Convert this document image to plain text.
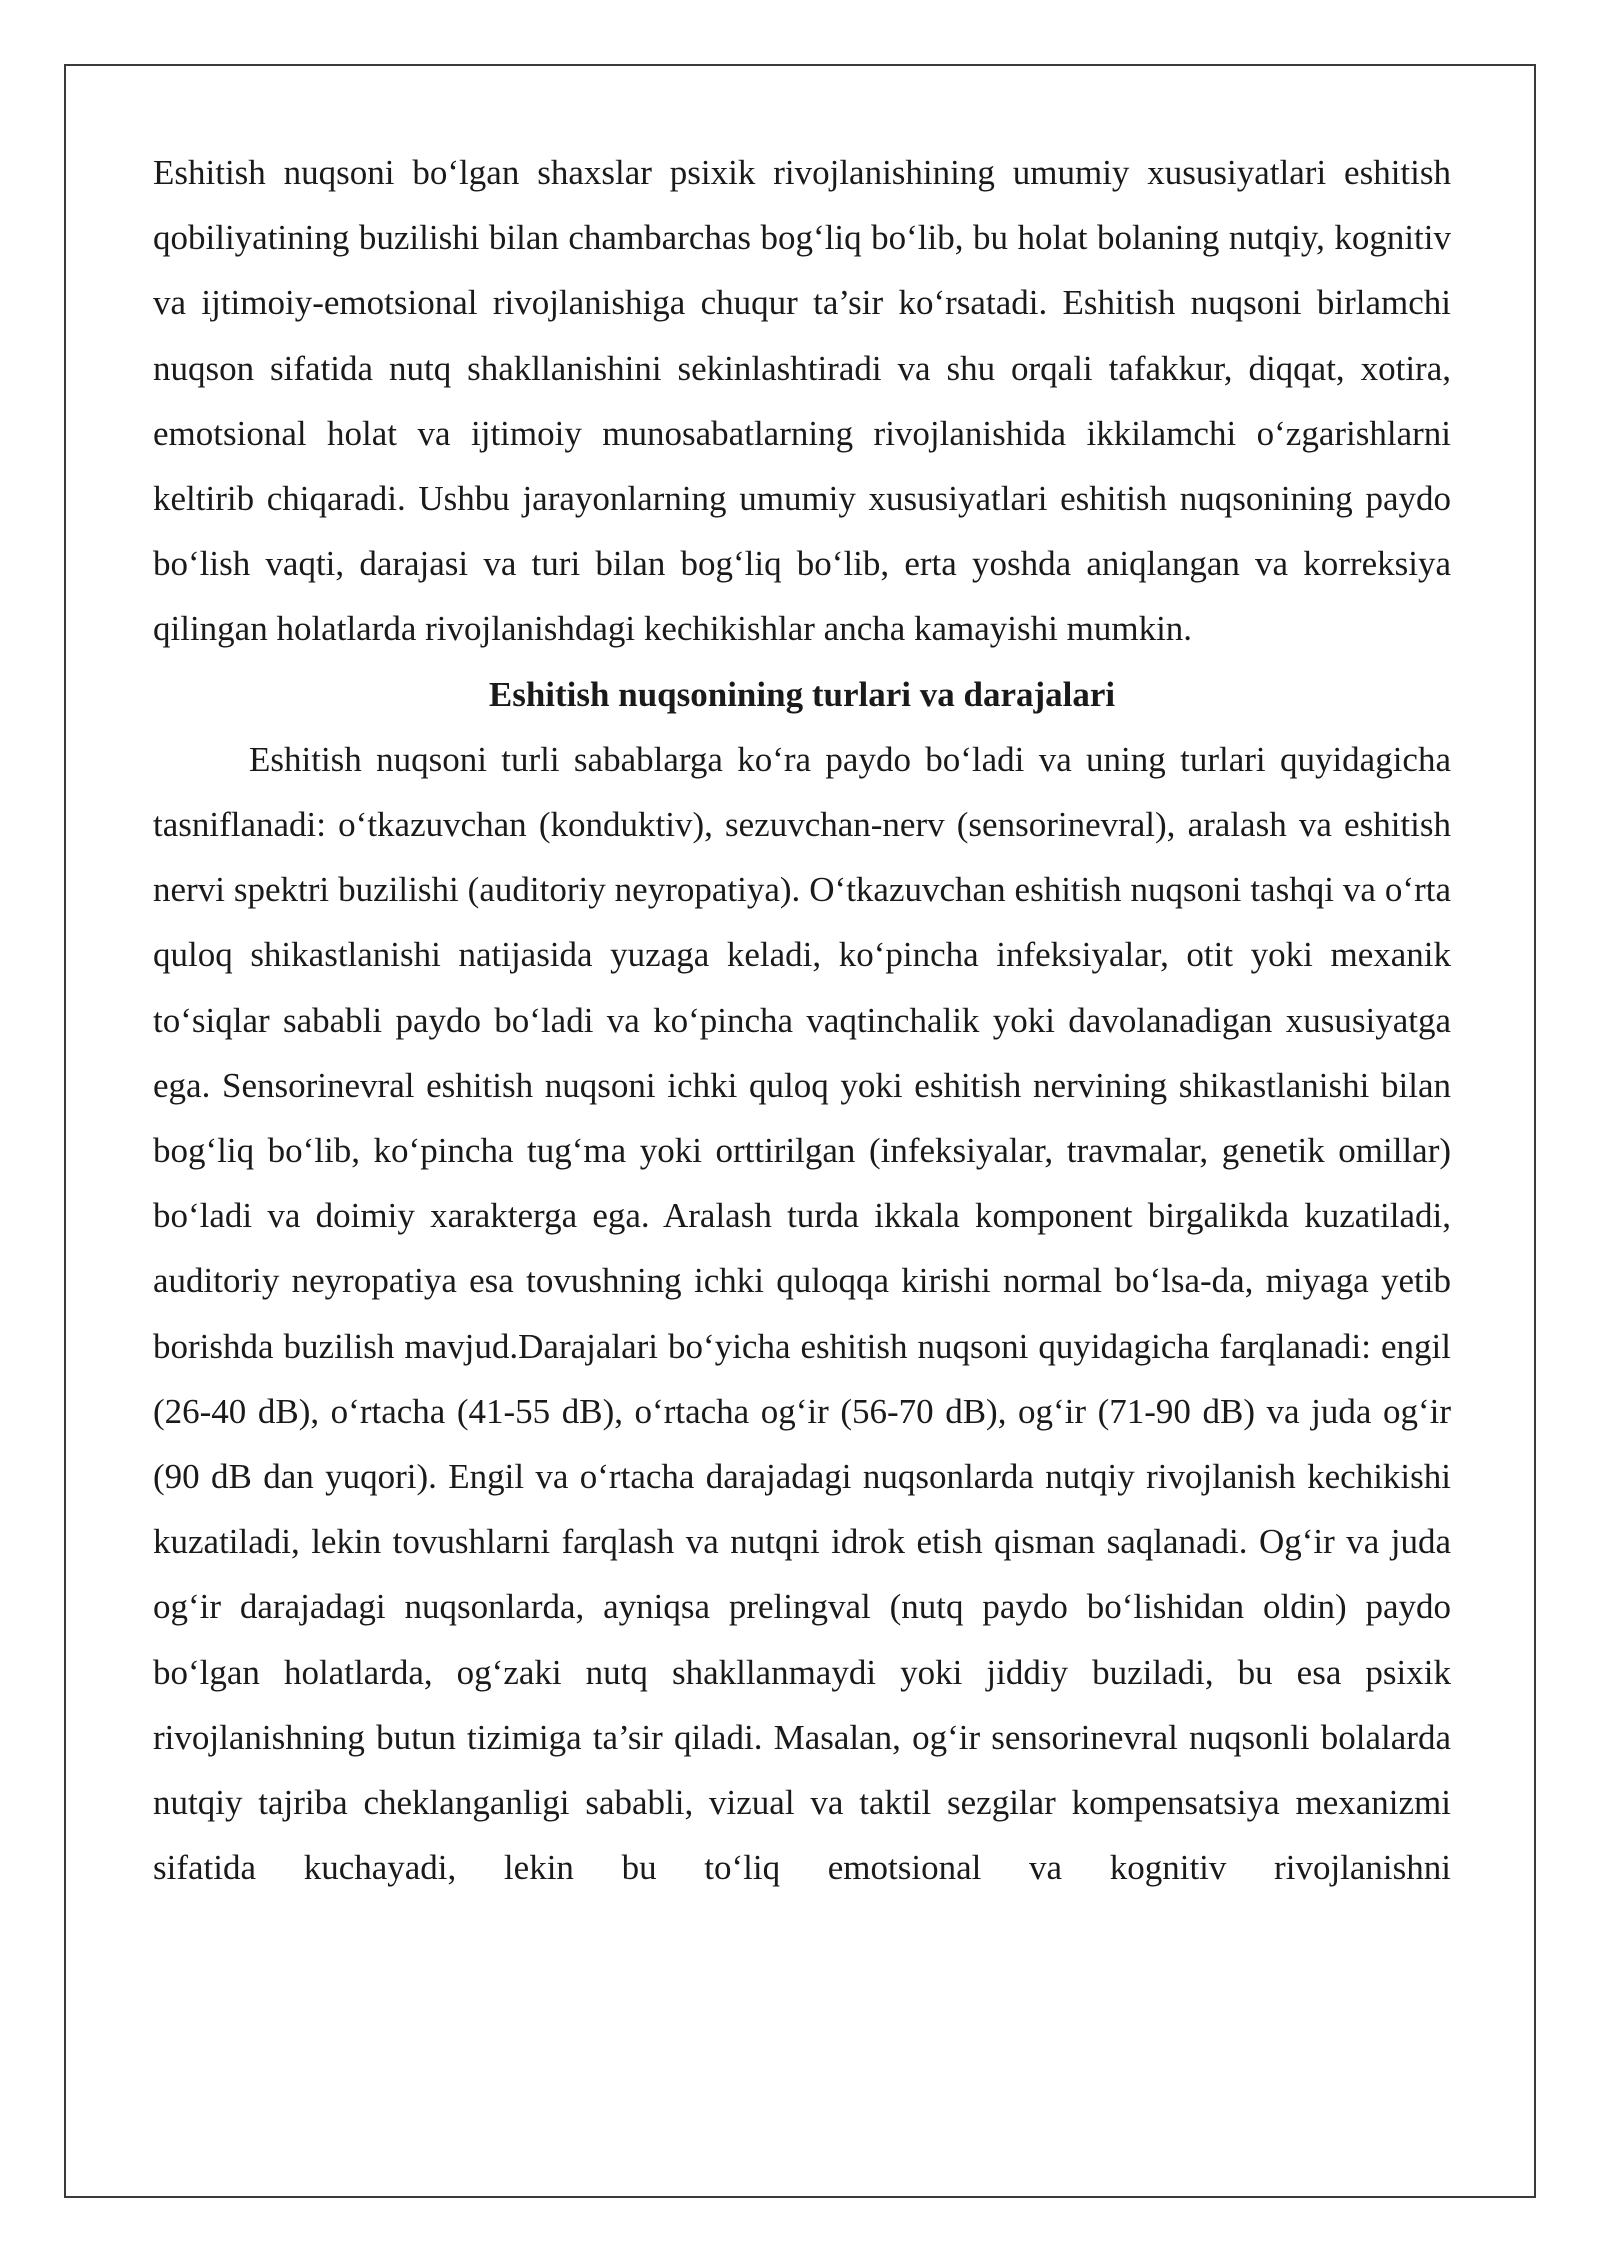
Eshitish nuqsoni bo‘lgan shaxslar psixik rivojlanishining umumiy xususiyatlari eshitish qobiliyatining buzilishi bilan chambarchas bog‘liq bo‘lib, bu holat bolaning nutqiy, kognitiv va ijtimoiy-emotsional rivojlanishiga chuqur ta’sir ko‘rsatadi. Eshitish nuqsoni birlamchi nuqson sifatida nutq shakllanishini sekinlashtiradi va shu orqali tafakkur, diqqat, xotira, emotsional holat va ijtimoiy munosabatlarning rivojlanishida ikkilamchi o‘zgarishlarni keltirib chiqaradi. Ushbu jarayonlarning umumiy xususiyatlari eshitish nuqsonining paydo bo‘lish vaqti, darajasi va turi bilan bog‘liq bo‘lib, erta yoshda aniqlangan va korreksiya qilingan holatlarda rivojlanishdagi kechikishlar ancha kamayishi mumkin.

Eshitish nuqsonining turlari va darajalari

Eshitish nuqsoni turli sabablarga ko‘ra paydo bo‘ladi va uning turlari quyidagicha tasniflanadi: o‘tkazuvchan (konduktiv), sezuvchan-nerv (sensorinevral), aralash va eshitish nervi spektri buzilishi (auditoriy neyropatiya). O‘tkazuvchan eshitish nuqsoni tashqi va o‘rta quloq shikastlanishi natijasida yuzaga keladi, ko‘pincha infeksiyalar, otit yoki mexanik to‘siqlar sababli paydo bo‘ladi va ko‘pincha vaqtinchalik yoki davolanadigan xususiyatga ega. Sensorinevral eshitish nuqsoni ichki quloq yoki eshitish nervining shikastlanishi bilan bog‘liq bo‘lib, ko‘pincha tug‘ma yoki orttirilgan (infeksiyalar, travmalar, genetik omillar) bo‘ladi va doimiy xarakterga ega. Aralash turda ikkala komponent birgalikda kuzatiladi, auditoriy neyropatiya esa tovushning ichki quloqqa kirishi normal bo‘lsa-da, miyaga yetib borishda buzilish mavjud.Darajalari bo‘yicha eshitish nuqsoni quyidagicha farqlanadi: engil (26-40 dB), o‘rtacha (41-55 dB), o‘rtacha og‘ir (56-70 dB), og‘ir (71-90 dB) va juda og‘ir (90 dB dan yuqori). Engil va o‘rtacha darajadagi nuqsonlarda nutqiy rivojlanish kechikishi kuzatiladi, lekin tovushlarni farqlash va nutqni idrok etish qisman saqlanadi. Og‘ir va juda og‘ir darajadagi nuqsonlarda, ayniqsa prelingval (nutq paydo bo‘lishidan oldin) paydo bo‘lgan holatlarda, og‘zaki nutq shakllanmaydi yoki jiddiy buziladi, bu esa psixik rivojlanishning butun tizimiga ta’sir qiladi. Masalan, og‘ir sensorinevral nuqsonli bolalarda nutqiy tajriba cheklanganligi sababli, vizual va taktil sezgilar kompensatsiya mexanizmi sifatida kuchayadi, lekin bu to‘liq emotsional va kognitiv rivojlanishni
